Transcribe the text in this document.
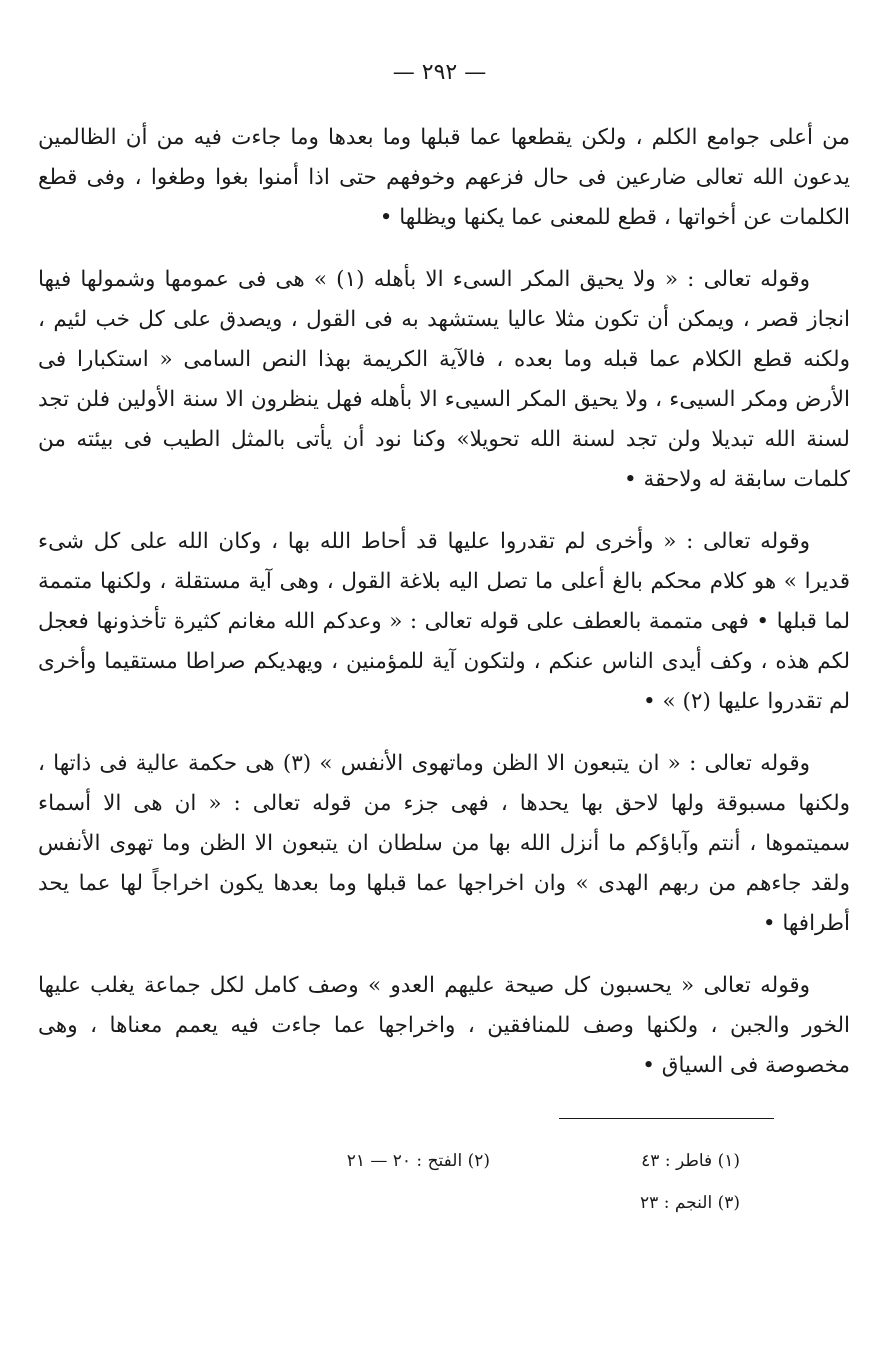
— ٢٩٢ —

من أعلى جوامع الكلم ، ولكن يقطعها عما قبلها وما بعدها وما جاءت فيه من أن الظالمين يدعون الله تعالى ضارعين فى حال فزعهم وخوفهم حتى اذا أمنوا بغوا وطغوا ، وفى قطع الكلمات عن أخواتها ، قطع للمعنى عما يكنها ويظلها •

وقوله تعالى : « ولا يحيق المكر السىء الا بأهله (١) » هى فى عمومها وشمولها فيها انجاز قصر ، ويمكن أن تكون مثلا عاليا يستشهد به فى القول ، ويصدق على كل خب لئيم ، ولكنه قطع الكلام عما قبله وما بعده ، فالآية الكريمة بهذا النص السامى « استكبارا فى الأرض ومكر السيىء ، ولا يحيق المكر السيىء الا بأهله فهل ينظرون الا سنة الأولين فلن تجد لسنة الله تبديلا ولن تجد لسنة الله تحويلا» وكنا نود أن يأتى بالمثل الطيب فى بيئته من كلمات سابقة له ولاحقة •

وقوله تعالى : « وأخرى لم تقدروا عليها قد أحاط الله بها ، وكان الله على كل شىء قديرا » هو كلام محكم بالغ أعلى ما تصل اليه بلاغة القول ، وهى آية مستقلة ، ولكنها متممة لما قبلها • فهى متممة بالعطف على قوله تعالى : « وعدكم الله مغانم كثيرة تأخذونها فعجل لكم هذه ، وكف أيدى الناس عنكم ، ولتكون آية للمؤمنين ، ويهديكم صراطا مستقيما وأخرى لم تقدروا عليها (٢) » •

وقوله تعالى : « ان يتبعون الا الظن وماتهوى الأنفس » (٣) هى حكمة عالية فى ذاتها ، ولكنها مسبوقة ولها لاحق بها يحدها ، فهى جزء من قوله تعالى : « ان هى الا أسماء سميتموها ، أنتم وآباؤكم ما أنزل الله بها من سلطان ان يتبعون الا الظن وما تهوى الأنفس ولقد جاءهم من ربهم الهدى » وان اخراجها عما قبلها وما بعدها يكون اخراجاً لها عما يحد أطرافها •

وقوله تعالى « يحسبون كل صيحة عليهم العدو » وصف كامل لكل جماعة يغلب عليها الخور والجبن ، ولكنها وصف للمنافقين ، واخراجها عما جاءت فيه يعمم معناها ، وهى مخصوصة فى السياق •

(١) فاطر : ٤٣
(٢) الفتح : ٢٠ — ٢١
(٣) النجم : ٢٣
